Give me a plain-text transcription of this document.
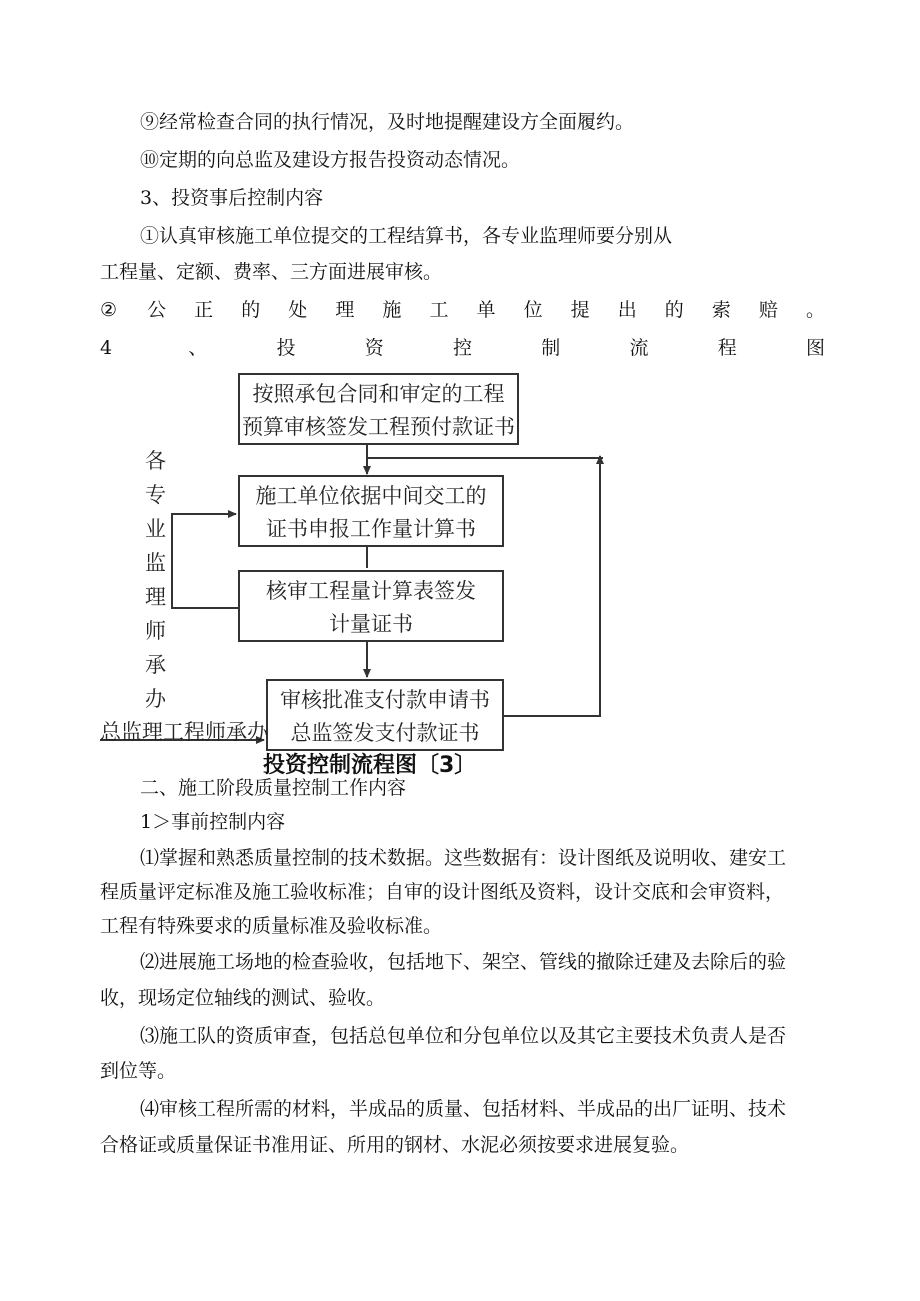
⑨经常检查合同的执行情况，及时地提醒建设方全面履约。
⑩定期的向总监及建设方报告投资动态情况。
3、投资事后控制内容
①认真审核施工单位提交的工程结算书，各专业监理师要分别从
工程量、定额、费率、三方面进展审核。
② 公 正 的 处 理 施 工 单 位 提 出 的 索 赔 。
4	、	投	资	控	制	流	程	图
按照承包合同和审定的工程
预算审核签发工程预付款证书
施工单位依据中间交工的
证书申报工作量计算书
核审工程量计算表签发
计量证书
审核批准支付款申请书
总监签发支付款证书
各
专
业
监
理
师
承
办
总监理工程师承办
投资控制流程图〔3〕
二、施工阶段质量控制工作内容
1＞事前控制内容
⑴掌握和熟悉质量控制的技术数据。这些数据有：设计图纸及说明收、建安工
程质量评定标准及施工验收标准；自审的设计图纸及资料，设计交底和会审资料，
工程有特殊要求的质量标准及验收标准。
⑵进展施工场地的检查验收，包括地下、架空、管线的撤除迁建及去除后的验
收，现场定位轴线的测试、验收。
⑶施工队的资质审查，包括总包单位和分包单位以及其它主要技术负责人是否
到位等。
⑷审核工程所需的材料，半成品的质量、包括材料、半成品的出厂证明、技术
合格证或质量保证书准用证、所用的钢材、水泥必须按要求进展复验。
